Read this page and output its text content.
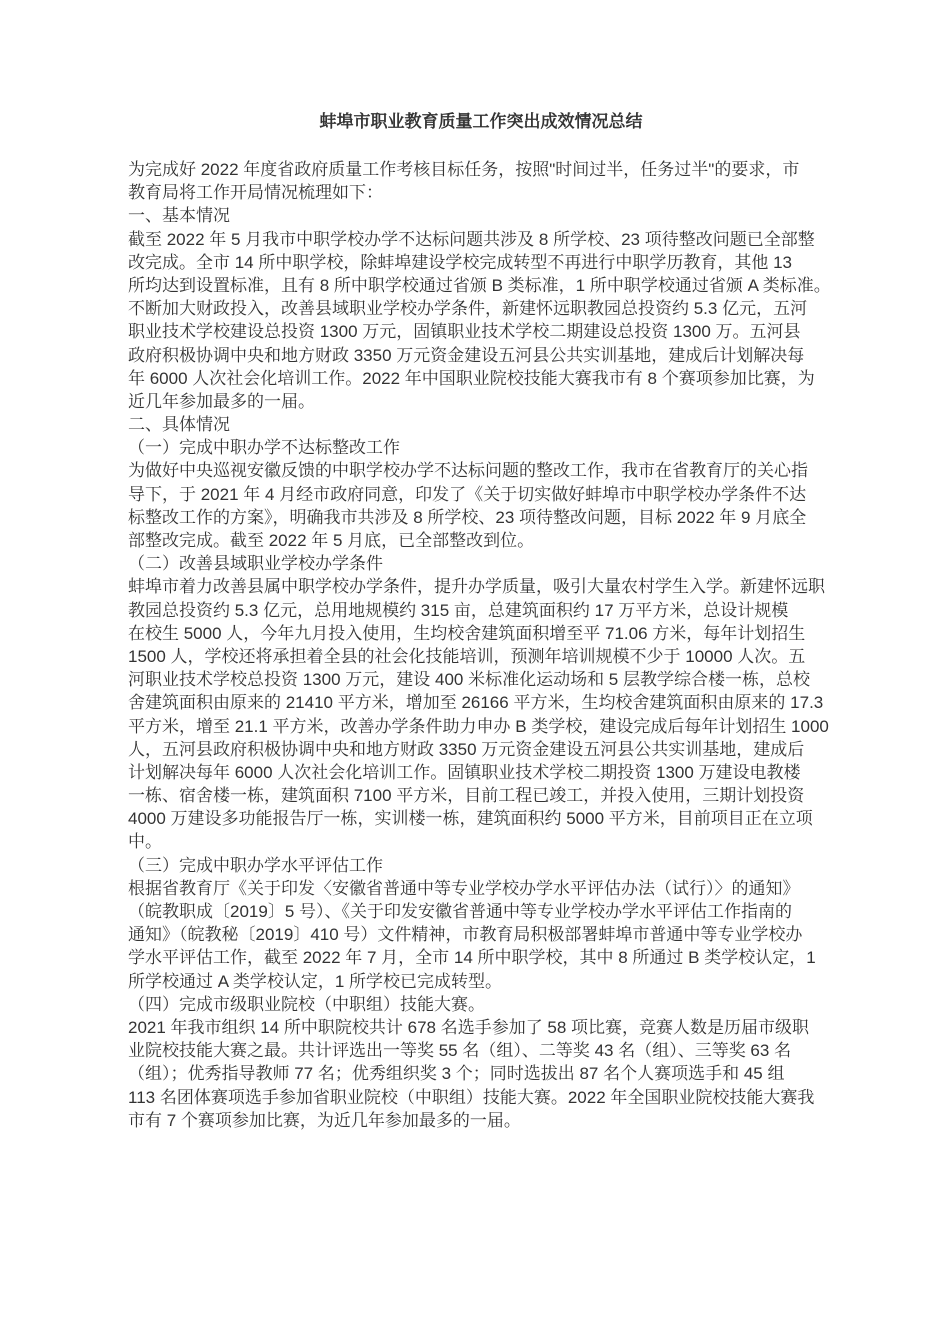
蚌埠市职业教育质量工作突出成效情况总结
为完成好 2022 年度省政府质量工作考核目标任务，按照"时间过半，任务过半"的要求，市
教育局将工作开局情况梳理如下：
一、基本情况
截至 2022 年 5 月我市中职学校办学不达标问题共涉及 8 所学校、23 项待整改问题已全部整
改完成。全市 14 所中职学校，除蚌埠建设学校完成转型不再进行中职学历教育，其他 13
所均达到设置标准，且有 8 所中职学校通过省颁 B 类标准，1 所中职学校通过省颁 A 类标准。
不断加大财政投入，改善县域职业学校办学条件，新建怀远职教园总投资约 5.3 亿元，五河
职业技术学校建设总投资 1300 万元，固镇职业技术学校二期建设总投资 1300 万。五河县
政府积极协调中央和地方财政 3350 万元资金建设五河县公共实训基地，建成后计划解决每
年 6000 人次社会化培训工作。2022 年中国职业院校技能大赛我市有 8 个赛项参加比赛，为
近几年参加最多的一届。
二、具体情况
（一）完成中职办学不达标整改工作
为做好中央巡视安徽反馈的中职学校办学不达标问题的整改工作，我市在省教育厅的关心指
导下，于 2021 年 4 月经市政府同意，印发了《关于切实做好蚌埠市中职学校办学条件不达
标整改工作的方案》，明确我市共涉及 8 所学校、23 项待整改问题，目标 2022 年 9 月底全
部整改完成。截至 2022 年 5 月底，已全部整改到位。
（二）改善县域职业学校办学条件
蚌埠市着力改善县属中职学校办学条件，提升办学质量，吸引大量农村学生入学。新建怀远职
教园总投资约 5.3 亿元，总用地规模约 315 亩，总建筑面积约 17 万平方米，总设计规模
在校生 5000 人，今年九月投入使用，生均校舍建筑面积增至平 71.06 方米，每年计划招生
1500 人，学校还将承担着全县的社会化技能培训，预测年培训规模不少于 10000 人次。五
河职业技术学校总投资 1300 万元，建设 400 米标准化运动场和 5 层教学综合楼一栋，总校
舍建筑面积由原来的 21410 平方米，增加至 26166 平方米，生均校舍建筑面积由原来的 17.3
平方米，增至 21.1 平方米，改善办学条件助力申办 B 类学校，建设完成后每年计划招生 1000
人，五河县政府积极协调中央和地方财政 3350 万元资金建设五河县公共实训基地，建成后
计划解决每年 6000 人次社会化培训工作。固镇职业技术学校二期投资 1300 万建设电教楼
一栋、宿舍楼一栋，建筑面积 7100 平方米，目前工程已竣工，并投入使用，三期计划投资
4000 万建设多功能报告厅一栋，实训楼一栋，建筑面积约 5000 平方米，目前项目正在立项
中。
（三）完成中职办学水平评估工作
根据省教育厅《关于印发〈安徽省普通中等专业学校办学水平评估办法（试行）〉的通知》
（皖教职成〔2019〕5 号）、《关于印发安徽省普通中等专业学校办学水平评估工作指南的
通知》（皖教秘〔2019〕410 号）文件精神，市教育局积极部署蚌埠市普通中等专业学校办
学水平评估工作，截至 2022 年 7 月，全市 14 所中职学校，其中 8 所通过 B 类学校认定，1
所学校通过 A 类学校认定，1 所学校已完成转型。
（四）完成市级职业院校（中职组）技能大赛。
2021 年我市组织 14 所中职院校共计 678 名选手参加了 58 项比赛，竞赛人数是历届市级职
业院校技能大赛之最。共计评选出一等奖 55 名（组）、二等奖 43 名（组）、三等奖 63 名
（组）；优秀指导教师 77 名；优秀组织奖 3 个；同时选拔出 87 名个人赛项选手和 45 组
113 名团体赛项选手参加省职业院校（中职组）技能大赛。2022 年全国职业院校技能大赛我
市有 7 个赛项参加比赛，为近几年参加最多的一届。
